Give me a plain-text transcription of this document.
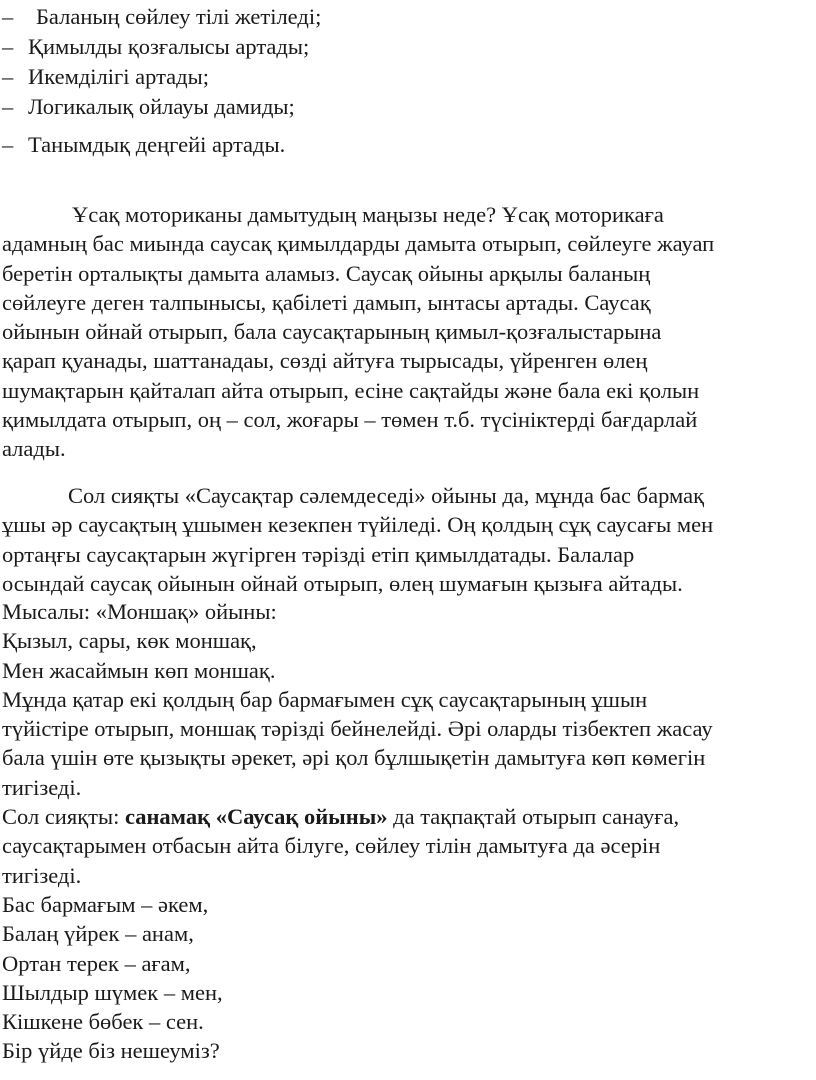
– Баланың сөйлеу тілі жетіледі;
– Қимылды қозғалысы артады;
– Икемділігі артады;
– Логикалық ойлауы дамиды;
– Танымдық деңгейі артады.
Ұсақ моториканы дамытудың маңызы неде? Ұсақ моторикаға
адамның бас миында саусақ қимылдарды дамыта отырып, сөйлеуге жауап
беретін орталықты дамыта аламыз. Саусақ ойыны арқылы баланың
сөйлеуге деген талпынысы, қабілеті дамып, ынтасы артады. Саусақ
ойынын ойнай отырып, бала саусақтарының қимыл-қозғалыстарына
қарап қуанады, шаттанадаы, сөзді айтуға тырысады, үйренген өлең
шумақтарын қайталап айта отырып, есіне сақтайды және бала екі қолын
қимылдата отырып, оң – сол, жоғары – төмен т.б. түсініктерді бағдарлай
алады.
Сол сияқты «Саусақтар сәлемдеседі» ойыны да, мұнда бас бармақ
ұшы әр саусақтың ұшымен кезекпен түйіледі. Оң қолдың сұқ саусағы мен
ортаңғы саусақтарын жүгірген тәрізді етіп қимылдатады. Балалар
осындай саусақ ойынын ойнай отырып, өлең шумағын қызыға айтады.
Мысалы: «Моншақ» ойыны:
Қызыл, сары, көк моншақ,
Мен жасаймын көп моншақ.
Мұнда қатар екі қолдың бар бармағымен сұқ саусақтарының ұшын
түйістіре отырып, моншақ тәрізді бейнелейді. Әрі оларды тізбектеп жасау
бала үшін өте қызықты әрекет, әрі қол бұлшықетін дамытуға көп көмегін
тигізеді.
Сол сияқты: санамақ «Саусақ ойыны» да тақпақтай отырып санауға,
саусақтарымен отбасын айта білуге, сөйлеу тілін дамытуға да әсерін
тигізеді.
Бас бармағым – әкем,
Балаң үйрек – анам,
Ортан терек – ағам,
Шылдыр шүмек – мен,
Кішкене бөбек – сен.
Бір үйде біз нешеуміз?
